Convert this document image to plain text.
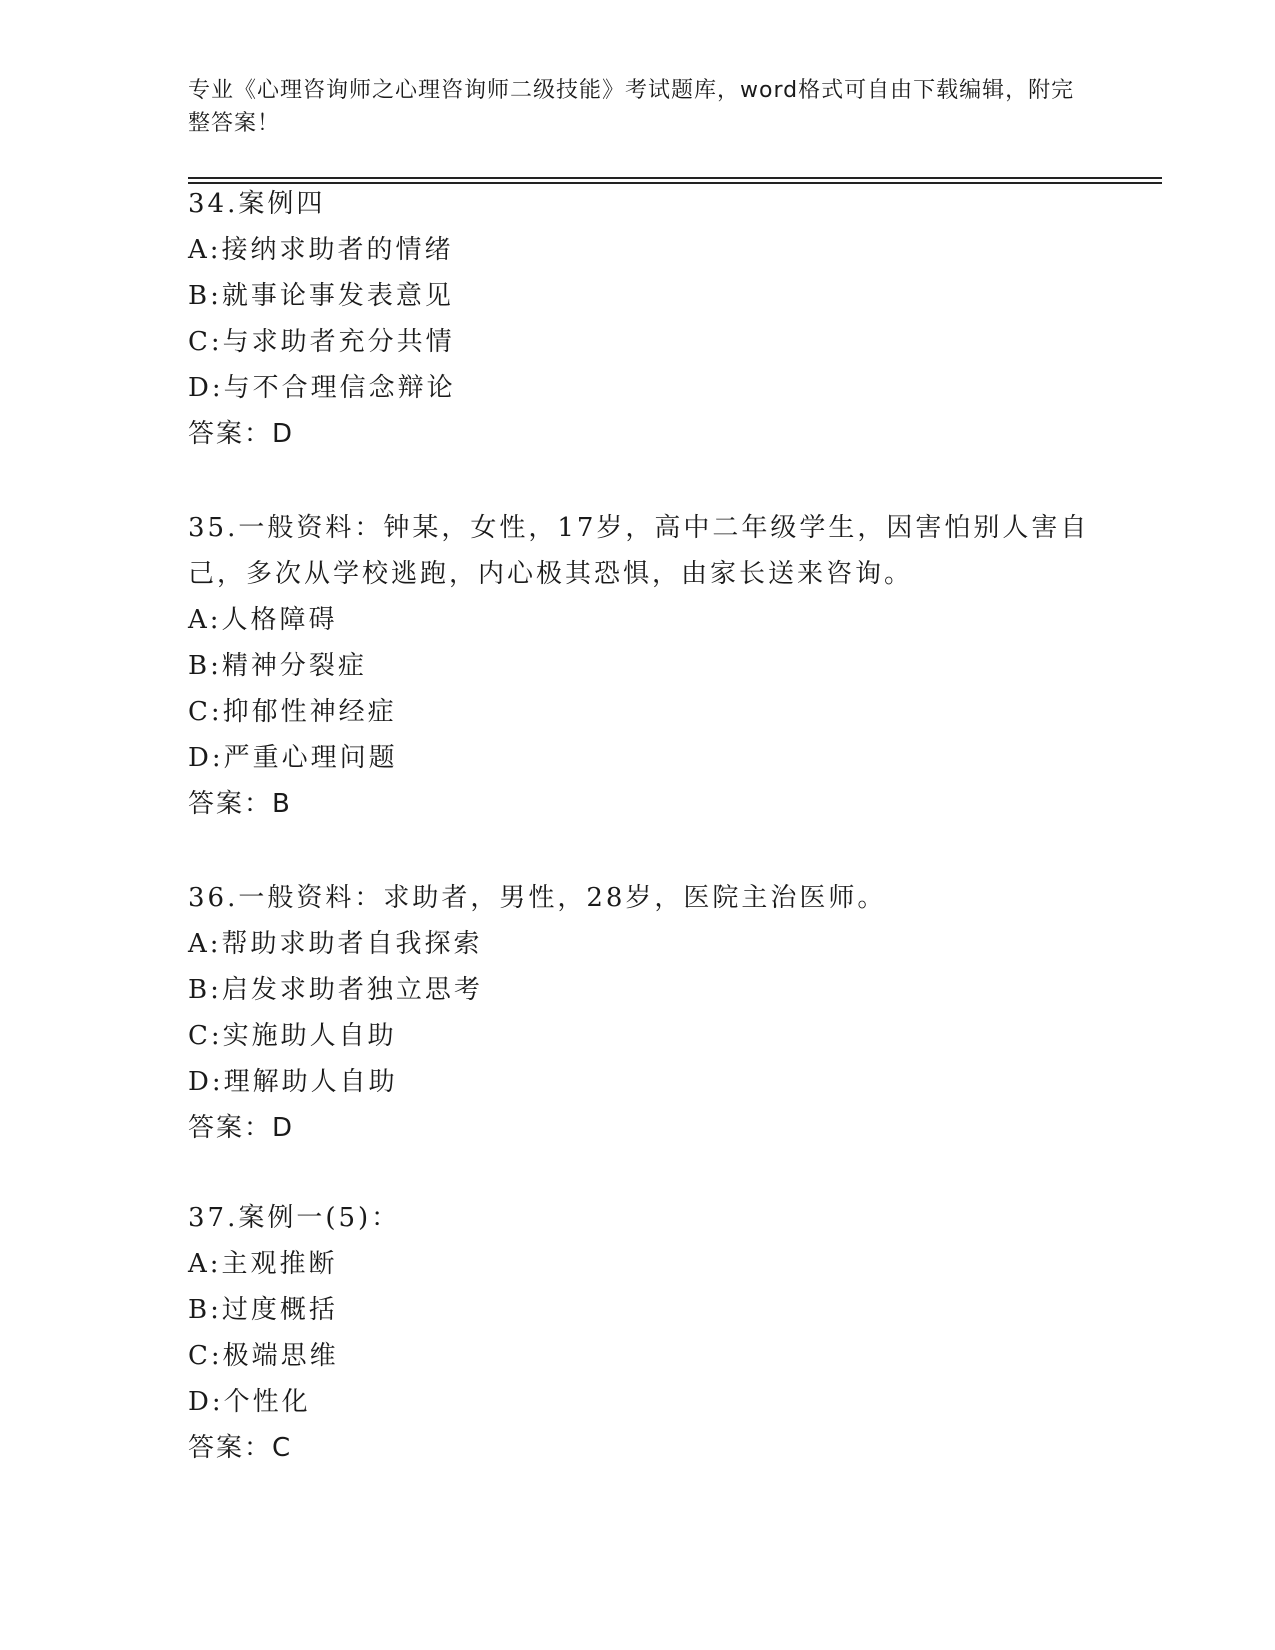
专业《心理咨询师之心理咨询师二级技能》考试题库，word格式可自由下载编辑，附完整答案！
34.案例四
A:接纳求助者的情绪
B:就事论事发表意见
C:与求助者充分共情
D:与不合理信念辩论
答案：D
35.一般资料：钟某，女性，17岁，高中二年级学生，因害怕别人害自己，多次从学校逃跑，内心极其恐惧，由家长送来咨询。
A:人格障碍
B:精神分裂症
C:抑郁性神经症
D:严重心理问题
答案：B
36.一般资料：求助者，男性，28岁，医院主治医师。
A:帮助求助者自我探索
B:启发求助者独立思考
C:实施助人自助
D:理解助人自助
答案：D
37.案例一(5)：
A:主观推断
B:过度概括
C:极端思维
D:个性化
答案：C
